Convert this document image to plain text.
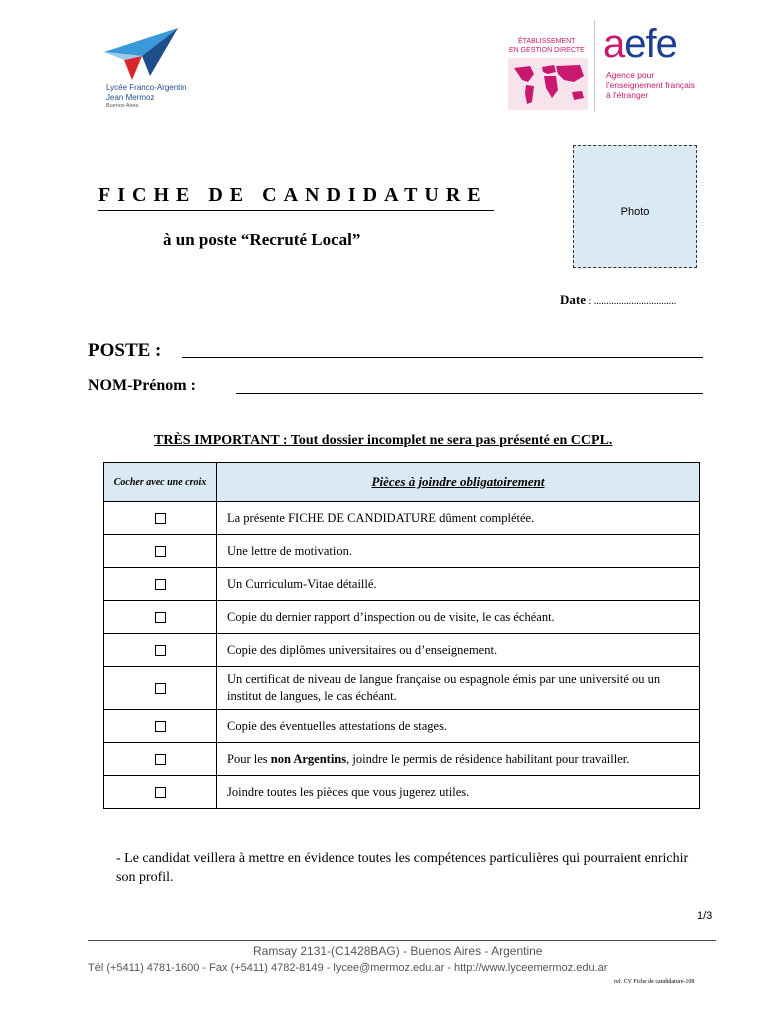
Lycée Franco-Argentin
Jean Mermoz
Buenos Aires
ÉTABLISSEMENT
EN GESTION DIRECTE aefe
Agence pour
l'enseignement français
à l'étranger
Photo
FICHE DE CANDIDATURE
à un poste “Recruté Local”
Date : .................................
POSTE :
NOM-Prénom :
TRÈS IMPORTANT : Tout dossier incomplet ne sera pas présenté en CCPL.
Cocher avec une croix	Pièces à joindre obligatoirement
	La présente FICHE DE CANDIDATURE dûment complétée.
	Une lettre de motivation.
	Un Curriculum-Vitae détaillé.
	Copie du dernier rapport d’inspection ou de visite, le cas échéant.
	Copie des diplômes universitaires ou d’enseignement.
	Un certificat de niveau de langue française ou espagnole émis par une université ou un institut de langues, le cas échéant.
	Copie des éventuelles attestations de stages.
	Pour les non Argentins, joindre le permis de résidence habilitant pour travailler.
	Joindre toutes les pièces que vous jugerez utiles.
- Le candidat veillera à mettre en évidence toutes les compétences particulières qui pourraient enrichir son profil.
1/3
Ramsay 2131-(C1428BAG) - Buenos Aires - Argentine
Tél (+5411) 4781-1600 - Fax (+5411) 4782-8149 - lycee@mermoz.edu.ar - http://www.lyceemermoz.edu.ar
ref. CV Fiche de candidature-108
